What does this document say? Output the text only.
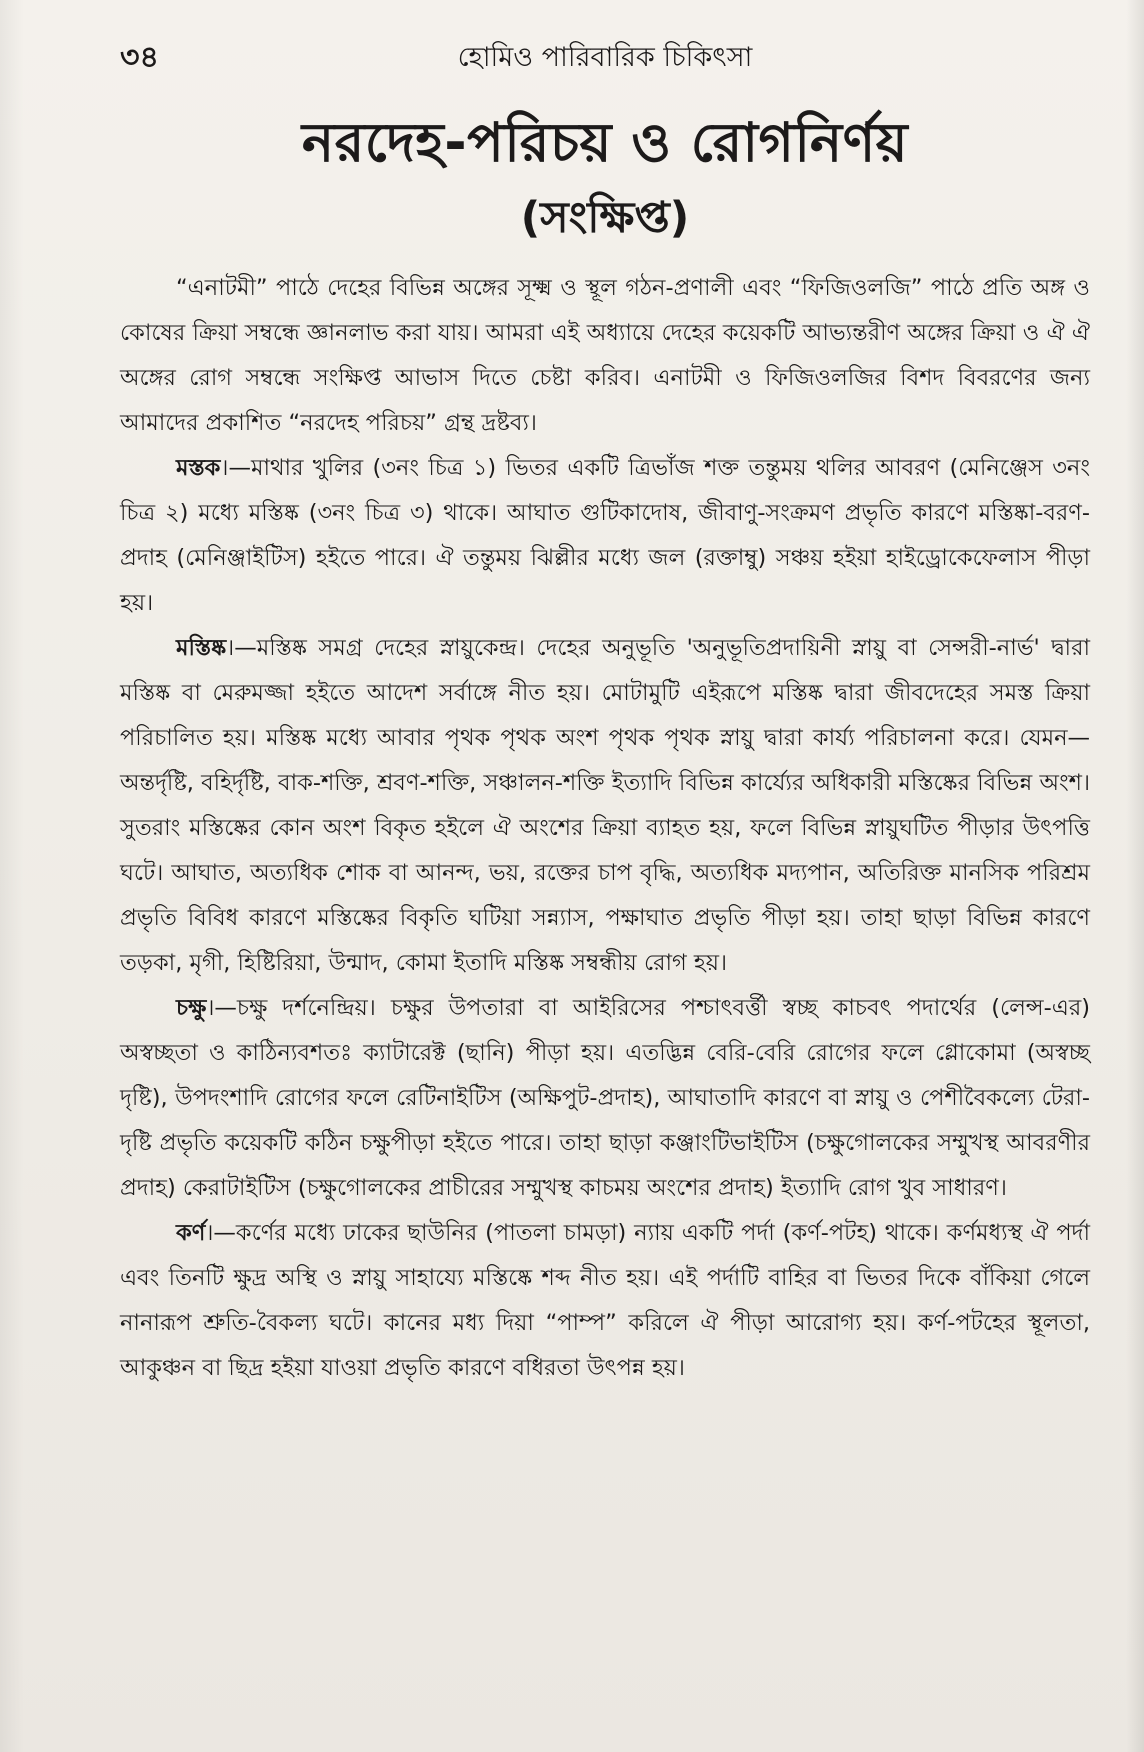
৩৪	হোমিও পারিবারিক চিকিৎসা
নরদেহ-পরিচয় ও রোগনির্ণয়
(সংক্ষিপ্ত)

“এনাটমী” পাঠে দেহের বিভিন্ন অঙ্গের সূক্ষ্ম ও স্থূল গঠন-প্রণালী এবং “ফিজিওলজি” পাঠে প্রতি অঙ্গ ও কোষের ক্রিয়া সম্বন্ধে জ্ঞানলাভ করা যায়। আমরা এই অধ্যায়ে দেহের কয়েকটি আভ্যন্তরীণ অঙ্গের ক্রিয়া ও ঐ ঐ অঙ্গের রোগ সম্বন্ধে সংক্ষিপ্ত আভাস দিতে চেষ্টা করিব। এনাটমী ও ফিজিওলজির বিশদ বিবরণের জন্য আমাদের প্রকাশিত “নরদেহ পরিচয়” গ্রন্থ দ্রষ্টব্য।

মস্তক।—মাথার খুলির (৩নং চিত্র ১) ভিতর একটি ত্রিভাঁজ শক্ত তন্তুময় থলির আবরণ (মেনিঞ্জেস ৩নং চিত্র ২) মধ্যে মস্তিষ্ক (৩নং চিত্র ৩) থাকে। আঘাত গুটিকাদোষ, জীবাণু-সংক্রমণ প্রভৃতি কারণে মস্তিষ্কা-বরণ-প্রদাহ (মেনিঞ্জাইটিস) হইতে পারে। ঐ তন্তুময় ঝিল্লীর মধ্যে জল (রক্তাম্বু) সঞ্চয় হইয়া হাইড্রোকেফেলাস পীড়া হয়।

মস্তিষ্ক।—মস্তিষ্ক সমগ্র দেহের স্নায়ুকেন্দ্র। দেহের অনুভূতি 'অনুভূতিপ্রদায়িনী স্নায়ু বা সেন্সরী-নার্ভ' দ্বারা মস্তিষ্ক বা মেরুমজ্জা হইতে আদেশ সর্বাঙ্গে নীত হয়। মোটামুটি এইরূপে মস্তিষ্ক দ্বারা জীবদেহের সমস্ত ক্রিয়া পরিচালিত হয়। মস্তিষ্ক মধ্যে আবার পৃথক পৃথক অংশ পৃথক পৃথক স্নায়ু দ্বারা কার্য্য পরিচালনা করে। যেমন—অন্তর্দৃষ্টি, বহির্দৃষ্টি, বাক-শক্তি, শ্রবণ-শক্তি, সঞ্চালন-শক্তি ইত্যাদি বিভিন্ন কার্য্যের অধিকারী মস্তিষ্কের বিভিন্ন অংশ। সুতরাং মস্তিষ্কের কোন অংশ বিকৃত হইলে ঐ অংশের ক্রিয়া ব্যাহত হয়, ফলে বিভিন্ন স্নায়ুঘটিত পীড়ার উৎপত্তি ঘটে। আঘাত, অত্যধিক শোক বা আনন্দ, ভয়, রক্তের চাপ বৃদ্ধি, অত্যধিক মদ্যপান, অতিরিক্ত মানসিক পরিশ্রম প্রভৃতি বিবিধ কারণে মস্তিষ্কের বিকৃতি ঘটিয়া সন্ন্যাস, পক্ষাঘাত প্রভৃতি পীড়া হয়। তাহা ছাড়া বিভিন্ন কারণে তড়কা, মৃগী, হিষ্টিরিয়া, উন্মাদ, কোমা ইতাদি মস্তিষ্ক সম্বন্ধীয় রোগ হয়।

চক্ষু।—চক্ষু দর্শনেন্দ্রিয়। চক্ষুর উপতারা বা আইরিসের পশ্চাৎবর্ত্তী স্বচ্ছ কাচবৎ পদার্থের (লেন্স-এর) অস্বচ্ছতা ও কাঠিন্যবশতঃ ক্যাটারেক্ট (ছানি) পীড়া হয়। এতদ্ভিন্ন বেরি-বেরি রোগের ফলে গ্লোকোমা (অস্বচ্ছ দৃষ্টি), উপদংশাদি রোগের ফলে রেটিনাইটিস (অক্ষিপুট-প্রদাহ), আঘাতাদি কারণে বা স্নায়ু ও পেশীবৈকল্যে টেরা-দৃষ্টি প্রভৃতি কয়েকটি কঠিন চক্ষুপীড়া হইতে পারে। তাহা ছাড়া কঞ্জাংটিভাইটিস (চক্ষুগোলকের সম্মুখস্থ আবরণীর প্রদাহ) কেরাটাইটিস (চক্ষুগোলকের প্রাচীরের সম্মুখস্থ কাচময় অংশের প্রদাহ) ইত্যাদি রোগ খুব সাধারণ।

কর্ণ।—কর্ণের মধ্যে ঢাকের ছাউনির (পাতলা চামড়া) ন্যায় একটি পর্দা (কর্ণ-পটহ) থাকে। কর্ণমধ্যস্থ ঐ পর্দা এবং তিনটি ক্ষুদ্র অস্থি ও স্নায়ু সাহায্যে মস্তিষ্কে শব্দ নীত হয়। এই পর্দাটি বাহির বা ভিতর দিকে বাঁকিয়া গেলে নানারূপ শ্রুতি-বৈকল্য ঘটে। কানের মধ্য দিয়া “পাম্প” করিলে ঐ পীড়া আরোগ্য হয়। কর্ণ-পটহের স্থূলতা, আকুঞ্চন বা ছিদ্র হইয়া যাওয়া প্রভৃতি কারণে বধিরতা উৎপন্ন হয়।
